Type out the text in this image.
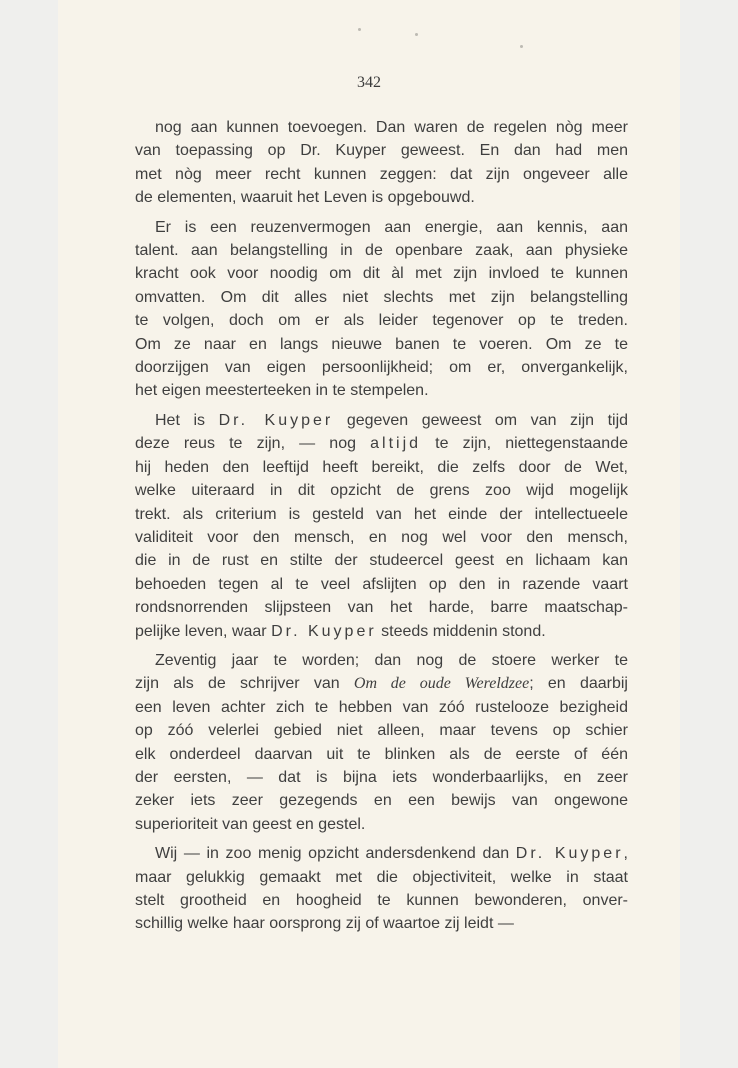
342

nog aan kunnen toevoegen. Dan waren de regelen nòg meer
van toepassing op Dr. Kuyper geweest. En dan had men
met nòg meer recht kunnen zeggen: dat zijn ongeveer alle
de elementen, waaruit het Leven is opgebouwd.

Er is een reuzenvermogen aan energie, aan kennis, aan
talent. aan belangstelling in de openbare zaak, aan physieke
kracht ook voor noodig om dit àl met zijn invloed te kunnen
omvatten. Om dit alles niet slechts met zijn belangstelling
te volgen, doch om er als leider tegenover op te treden.
Om ze naar en langs nieuwe banen te voeren. Om ze te
doorzijgen van eigen persoonlijkheid; om er, onvergankelijk,
het eigen meesterteeken in te stempelen.

Het is Dr. Kuyper gegeven geweest om van zijn tijd
deze reus te zijn, — nog altijd te zijn, niettegenstaande
hij heden den leeftijd heeft bereikt, die zelfs door de Wet,
welke uiteraard in dit opzicht de grens zoo wijd mogelijk
trekt. als criterium is gesteld van het einde der intellectueele
validiteit voor den mensch, en nog wel voor den mensch,
die in de rust en stilte der studeercel geest en lichaam kan
behoeden tegen al te veel afslijten op den in razende vaart
rondsnorrenden slijpsteen van het harde, barre maatschap-
pelijke leven, waar Dr. Kuyper steeds middenin stond.

Zeventig jaar te worden; dan nog de stoere werker te
zijn als de schrijver van Om de oude Wereldzee; en daarbij
een leven achter zich te hebben van zóó rustelooze bezigheid
op zóó velerlei gebied niet alleen, maar tevens op schier
elk onderdeel daarvan uit te blinken als de eerste of één
der eersten, — dat is bijna iets wonderbaarlijks, en zeer
zeker iets zeer gezegends en een bewijs van ongewone
superioriteit van geest en gestel.

Wij — in zoo menig opzicht andersdenkend dan Dr. Kuyper,
maar gelukkig gemaakt met die objectiviteit, welke in staat
stelt grootheid en hoogheid te kunnen bewonderen, onver-
schillig welke haar oorsprong zij of waartoe zij leidt —
